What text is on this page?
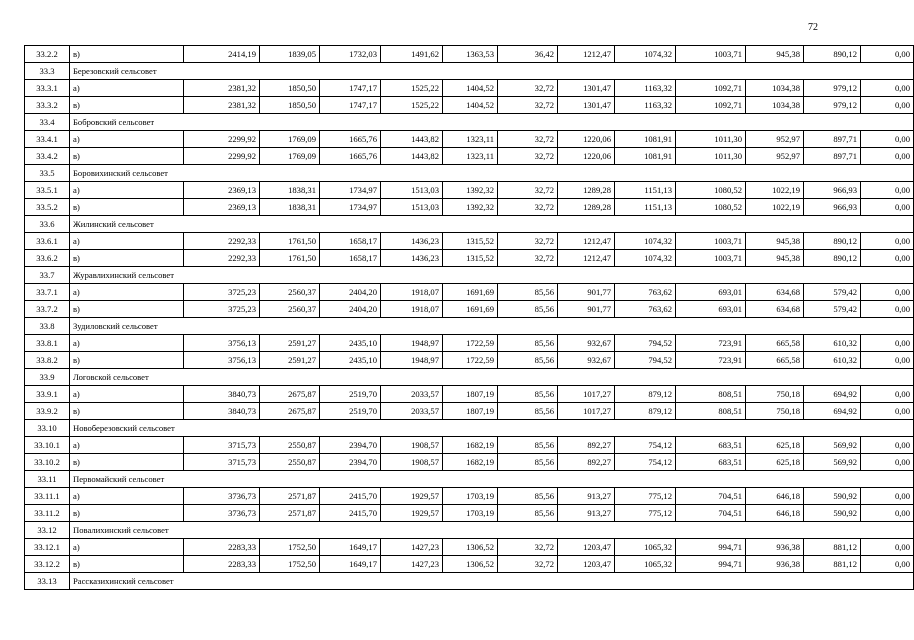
72
33.2.2	в)	2414,19	1839,05	1732,03	1491,62	1363,53	36,42	1212,47	1074,32	1003,71	945,38	890,12	0,00
33.3	Березовский сельсовет												
33.3.1	а)	2381,32	1850,50	1747,17	1525,22	1404,52	32,72	1301,47	1163,32	1092,71	1034,38	979,12	0,00
33.3.2	в)	2381,32	1850,50	1747,17	1525,22	1404,52	32,72	1301,47	1163,32	1092,71	1034,38	979,12	0,00
33.4	Бобровский сельсовет												
33.4.1	а)	2299,92	1769,09	1665,76	1443,82	1323,11	32,72	1220,06	1081,91	1011,30	952,97	897,71	0,00
33.4.2	в)	2299,92	1769,09	1665,76	1443,82	1323,11	32,72	1220,06	1081,91	1011,30	952,97	897,71	0,00
33.5	Боровихинский сельсовет												
33.5.1	а)	2369,13	1838,31	1734,97	1513,03	1392,32	32,72	1289,28	1151,13	1080,52	1022,19	966,93	0,00
33.5.2	в)	2369,13	1838,31	1734,97	1513,03	1392,32	32,72	1289,28	1151,13	1080,52	1022,19	966,93	0,00
33.6	Жилинский сельсовет												
33.6.1	а)	2292,33	1761,50	1658,17	1436,23	1315,52	32,72	1212,47	1074,32	1003,71	945,38	890,12	0,00
33.6.2	в)	2292,33	1761,50	1658,17	1436,23	1315,52	32,72	1212,47	1074,32	1003,71	945,38	890,12	0,00
33.7	Журавлихинский сельсовет												
33.7.1	а)	3725,23	2560,37	2404,20	1918,07	1691,69	85,56	901,77	763,62	693,01	634,68	579,42	0,00
33.7.2	в)	3725,23	2560,37	2404,20	1918,07	1691,69	85,56	901,77	763,62	693,01	634,68	579,42	0,00
33.8	Зудиловский сельсовет												
33.8.1	а)	3756,13	2591,27	2435,10	1948,97	1722,59	85,56	932,67	794,52	723,91	665,58	610,32	0,00
33.8.2	в)	3756,13	2591,27	2435,10	1948,97	1722,59	85,56	932,67	794,52	723,91	665,58	610,32	0,00
33.9	Логовской сельсовет												
33.9.1	а)	3840,73	2675,87	2519,70	2033,57	1807,19	85,56	1017,27	879,12	808,51	750,18	694,92	0,00
33.9.2	в)	3840,73	2675,87	2519,70	2033,57	1807,19	85,56	1017,27	879,12	808,51	750,18	694,92	0,00
33.10	Новоберезовский сельсовет												
33.10.1	а)	3715,73	2550,87	2394,70	1908,57	1682,19	85,56	892,27	754,12	683,51	625,18	569,92	0,00
33.10.2	в)	3715,73	2550,87	2394,70	1908,57	1682,19	85,56	892,27	754,12	683,51	625,18	569,92	0,00
33.11	Первомайский сельсовет												
33.11.1	а)	3736,73	2571,87	2415,70	1929,57	1703,19	85,56	913,27	775,12	704,51	646,18	590,92	0,00
33.11.2	в)	3736,73	2571,87	2415,70	1929,57	1703,19	85,56	913,27	775,12	704,51	646,18	590,92	0,00
33.12	Повалихинский сельсовет												
33.12.1	а)	2283,33	1752,50	1649,17	1427,23	1306,52	32,72	1203,47	1065,32	994,71	936,38	881,12	0,00
33.12.2	в)	2283,33	1752,50	1649,17	1427,23	1306,52	32,72	1203,47	1065,32	994,71	936,38	881,12	0,00
33.13	Рассказихинский сельсовет												
